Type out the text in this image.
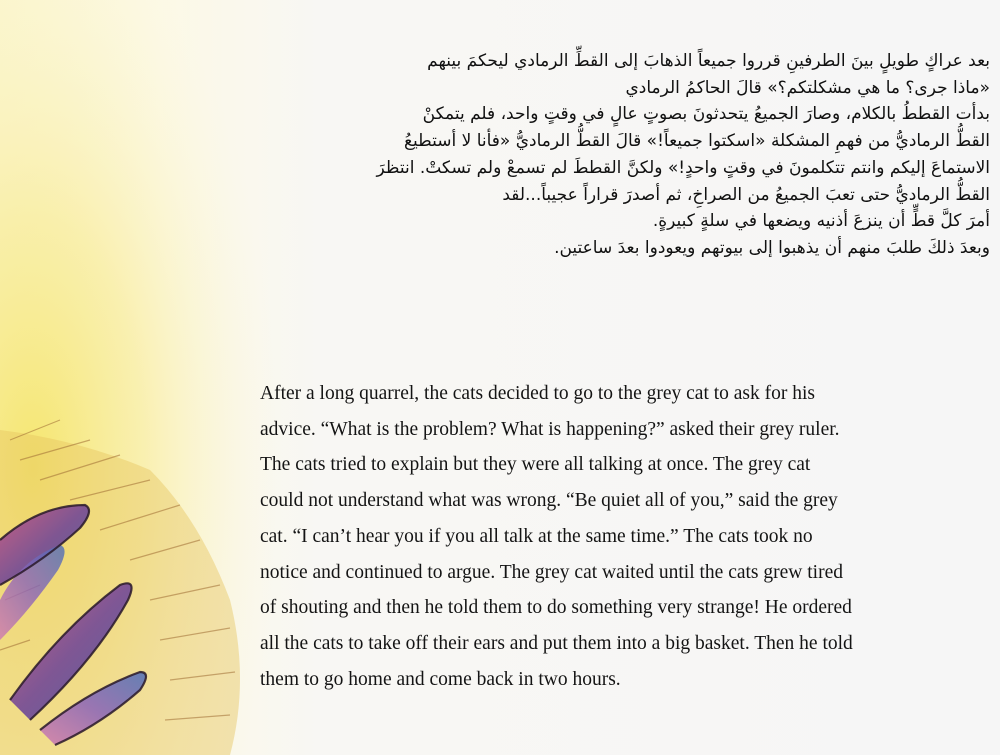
بعد عراكٍ طويلٍ بينَ الطرفينِ قرروا جميعاً الذهابَ إلى القطِّ الرمادي ليحكمَ بينهم

«ماذا جرى؟ ما هي مشكلتكم؟» قالَ الحاكمُ الرمادي

بدأت القططُ بالكلام، وصارَ الجميعُ يتحدثونَ بصوتٍ عالٍ في وقتٍ واحد، فلم يتمكنْ

القطُّ الرماديُّ من فهمِ المشكلة «اسكتوا جميعاً!» قالَ القطُّ الرماديُّ «فأنا لا أستطيعُ

الاستماعَ إليكم وانتم تتكلمونَ في وقتٍ واحدٍ!» ولكنَّ القططَ لم تسمعْ ولم تسكتْ. انتظرَ

القطُّ الرماديُّ حتى تعبَ الجميعُ من الصراخِ، ثم أصدرَ قراراً عجيباً...لقد

أمرَ كلَّ قطٍّ أن ينزعَ أذنيه ويضعها في سلةٍ كبيرةٍ.

وبعدَ ذلكَ طلبَ منهم أن يذهبوا إلى بيوتهم ويعودوا بعدَ ساعتين.

After a long quarrel, the cats decided to go to the grey cat to ask for his

advice. “What is the problem? What is happening?” asked their grey ruler.

The cats tried to explain but they were all talking at once. The grey cat

could not understand what was wrong. “Be quiet all of you,” said the grey

cat. “I can’t hear you if you all talk at the same time.” The cats took no

notice and continued to argue. The grey cat waited until the cats grew tired

of shouting and then he told them to do something very strange! He ordered

all the cats to take off their ears and put them into a big basket. Then he told

them to go home and come back in two hours.
